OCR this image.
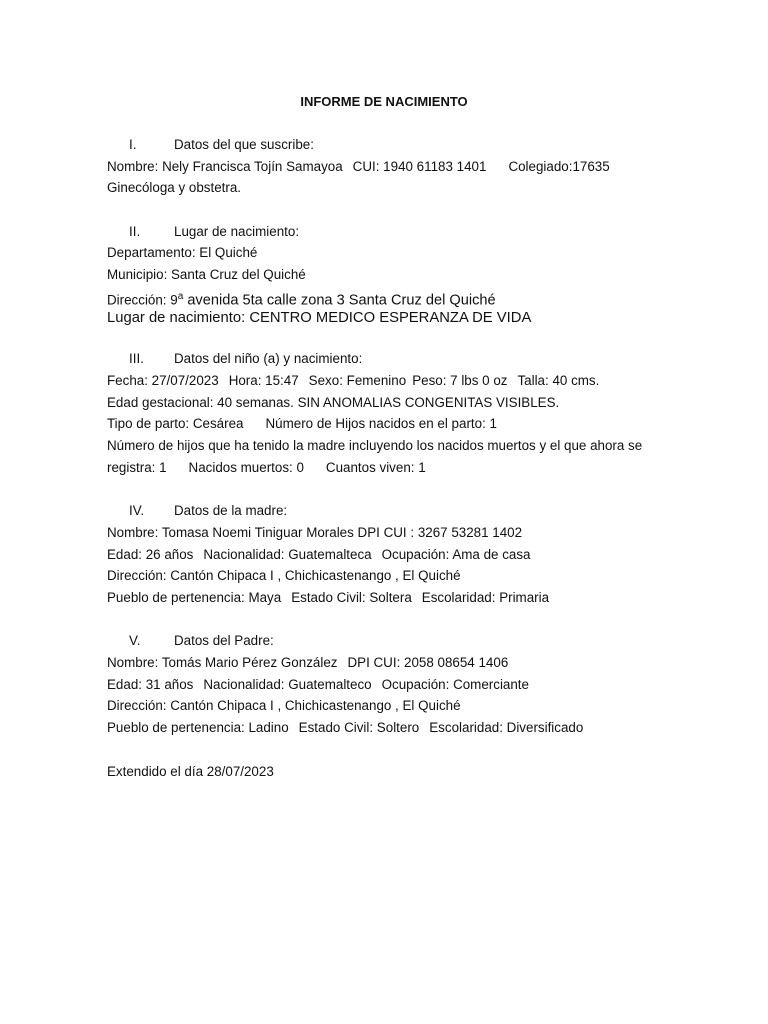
INFORME DE NACIMIENTO
I.	Datos del que suscribe:
Nombre: Nely Francisca Tojín Samayoa CUI: 1940 61183 1401 Colegiado:17635
Ginecóloga y obstetra.
II.	Lugar de nacimiento:
Departamento: El Quiché
Municipio: Santa Cruz del Quiché
Dirección: 9$^a$ avenida 5ta calle zona 3 Santa Cruz del Quiché
Lugar de nacimiento: CENTRO MEDICO ESPERANZA DE VIDA
III. Datos del niño (a) y nacimiento:
Fecha: 27/07/2023 Hora: 15:47 Sexo: Femenino Peso: 7 lbs 0 oz Talla: 40 cms.
Edad gestacional: 40 semanas. SIN ANOMALIAS CONGENITAS VISIBLES.
Tipo de parto: Cesárea Número de Hijos nacidos en el parto: 1
Número de hijos que ha tenido la madre incluyendo los nacidos muertos y el que ahora se
registra: 1 Nacidos muertos: 0 Cuantos viven: 1
IV. Datos de la madre:
Nombre: Tomasa Noemi Tiniguar Morales DPI CUI : 3267 53281 1402
Edad: 26 años Nacionalidad: Guatemalteca Ocupación: Ama de casa
Dirección: Cantón Chipaca I , Chichicastenango , El Quiché
Pueblo de pertenencia: Maya Estado Civil: Soltera Escolaridad: Primaria
V.	Datos del Padre:
Nombre: Tomás Mario Pérez González DPI CUI: 2058 08654 1406
Edad: 31 años Nacionalidad: Guatemalteco Ocupación: Comerciante
Dirección: Cantón Chipaca I , Chichicastenango , El Quiché
Pueblo de pertenencia: Ladino Estado Civil: Soltero Escolaridad: Diversificado
Extendido el día 28/07/2023
